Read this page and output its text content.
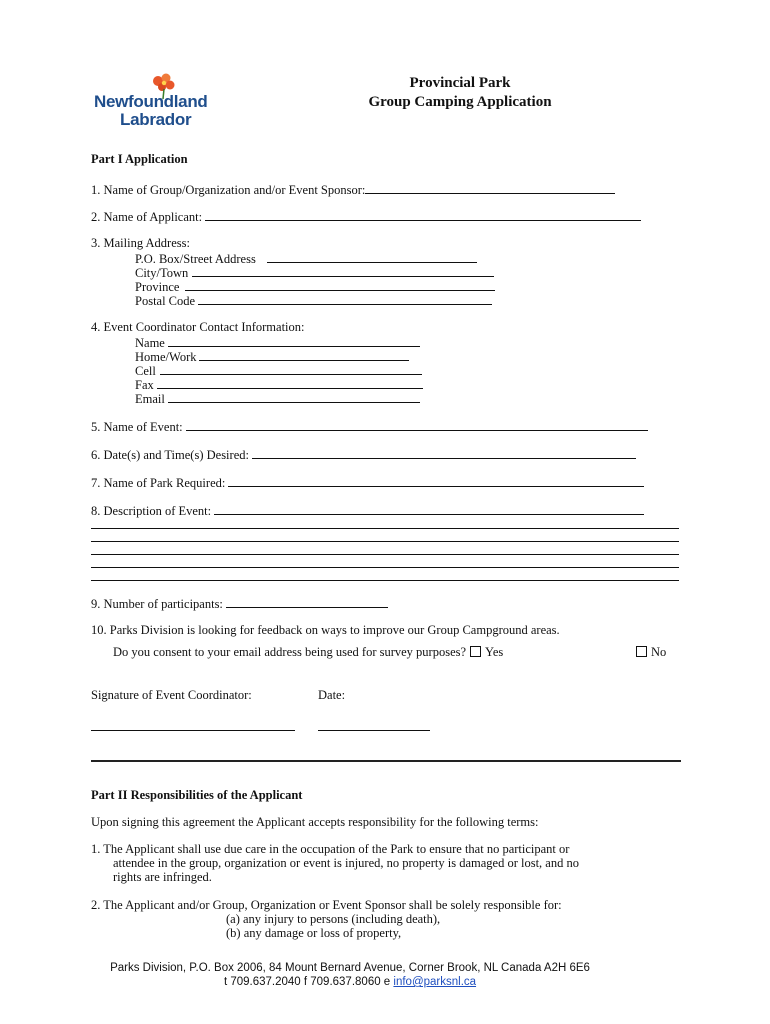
Newfoundland
Labrador
Provincial Park
Group Camping Application
Part I Application
1. Name of Group/Organization and/or Event Sponsor:
2. Name of Applicant:
3. Mailing Address:
P.O. Box/Street Address
City/Town
Province
Postal Code
4. Event Coordinator Contact Information:
Name
Home/Work
Cell
Fax
Email
5. Name of Event:
6. Date(s) and Time(s) Desired:
7. Name of Park Required:
8. Description of Event:
9. Number of participants:
10. Parks Division is looking for feedback on ways to improve our Group Campground areas.
Do you consent to your email address being used for survey purposes? Yes	No
Signature of Event Coordinator:	Date:
Part II Responsibilities of the Applicant
Upon signing this agreement the Applicant accepts responsibility for the following terms:
1. The Applicant shall use due care in the occupation of the Park to ensure that no participant or
attendee in the group, organization or event is injured, no property is damaged or lost, and no
rights are infringed.
2. The Applicant and/or Group, Organization or Event Sponsor shall be solely responsible for:
(a) any injury to persons (including death),
(b) any damage or loss of property,
Parks Division, P.O. Box 2006, 84 Mount Bernard Avenue, Corner Brook, NL Canada A2H 6E6
t 709.637.2040 f 709.637.8060 e info@parksnl.ca
